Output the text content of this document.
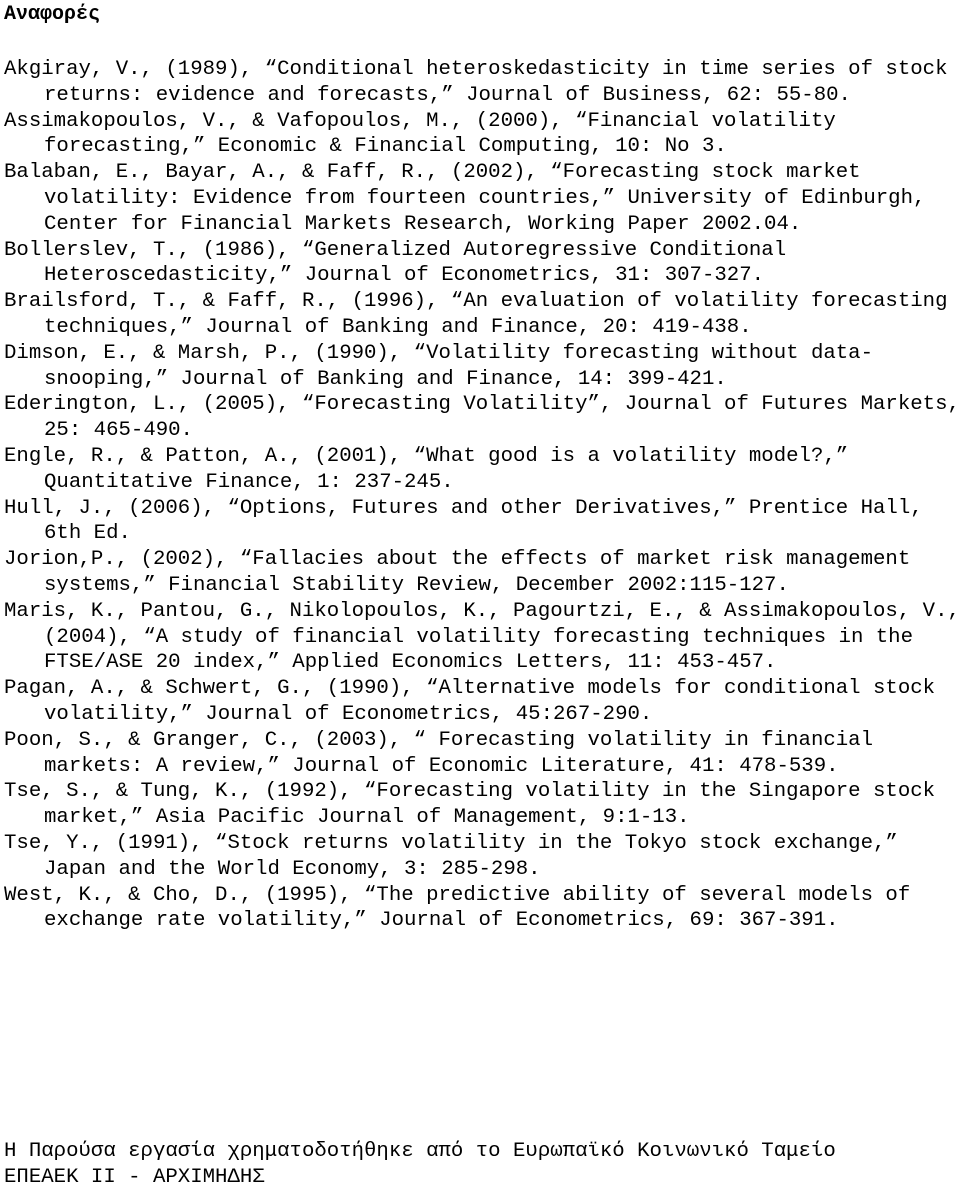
Αναφορές
Akgiray, V., (1989), “Conditional heteroskedasticity in time series of stock returns: evidence and forecasts,” Journal of Business, 62: 55-80.
Assimakopoulos, V., & Vafopoulos, M., (2000), “Financial volatility forecasting,” Economic & Financial Computing, 10: No 3.
Balaban, E., Bayar, A., & Faff, R., (2002), “Forecasting stock market volatility: Evidence from fourteen countries,” University of Edinburgh, Center for Financial Markets Research, Working Paper 2002.04.
Bollerslev, T., (1986), “Generalized Autoregressive Conditional Heteroscedasticity,” Journal of Econometrics, 31: 307-327.
Brailsford, T., & Faff, R., (1996), “An evaluation of volatility forecasting techniques,” Journal of Banking and Finance, 20: 419-438.
Dimson, E., & Marsh, P., (1990), “Volatility forecasting without data-snooping,” Journal of Banking and Finance, 14: 399-421.
Ederington, L., (2005), “Forecasting Volatility”, Journal of Futures Markets, 25: 465-490.
Engle, R., & Patton, A., (2001), “What good is a volatility model?,” Quantitative Finance, 1: 237-245.
Hull, J., (2006), “Options, Futures and other Derivatives,” Prentice Hall, 6th Ed.
Jorion,P., (2002), “Fallacies about the effects of market risk management systems,” Financial Stability Review, December 2002:115-127.
Maris, K., Pantou, G., Nikolopoulos, K., Pagourtzi, E., & Assimakopoulos, V., (2004), “A study of financial volatility forecasting techniques in the FTSE/ASE 20 index,” Applied Economics Letters, 11: 453-457.
Pagan, A., & Schwert, G., (1990), “Alternative models for conditional stock volatility,” Journal of Econometrics, 45:267-290.
Poon, S., & Granger, C., (2003), “ Forecasting volatility in financial markets: A review,” Journal of Economic Literature, 41: 478-539.
Tse, S., & Tung, K., (1992), “Forecasting volatility in the Singapore stock market,” Asia Pacific Journal of Management, 9:1-13.
Tse, Y., (1991), “Stock returns volatility in the Tokyo stock exchange,” Japan and the World Economy, 3: 285-298.
West, K., & Cho, D., (1995), “The predictive ability of several models of exchange rate volatility,” Journal of Econometrics, 69: 367-391.
Η Παρούσα εργασία χρηματοδοτήθηκε από το Ευρωπαϊκό Κοινωνικό Ταμείο
ΕΠΕΑΕΚ ΙΙ - ΑΡΧΙΜΗΔΗΣ
